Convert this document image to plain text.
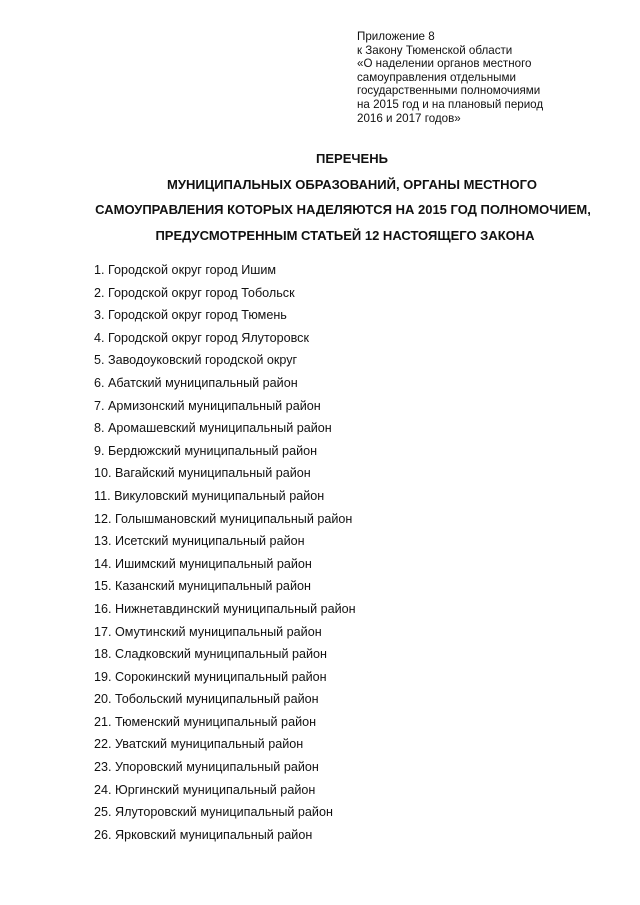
Приложение 8
к Закону Тюменской области
«О наделении органов местного
самоуправления отдельными
государственными полномочиями
на 2015 год и на плановый период
2016 и 2017 годов»
ПЕРЕЧЕНЬ
МУНИЦИПАЛЬНЫХ ОБРАЗОВАНИЙ, ОРГАНЫ МЕСТНОГО
САМОУПРАВЛЕНИЯ КОТОРЫХ НАДЕЛЯЮТСЯ НА 2015 ГОД ПОЛНОМОЧИЕМ,
ПРЕДУСМОТРЕННЫМ СТАТЬЕЙ 12 НАСТОЯЩЕГО ЗАКОНА
1. Городской округ город Ишим
2. Городской округ город Тобольск
3. Городской округ город Тюмень
4. Городской округ город Ялуторовск
5. Заводоуковский городской округ
6. Абатский муниципальный район
7. Армизонский муниципальный район
8. Аромашевский муниципальный район
9. Бердюжский муниципальный район
10. Вагайский муниципальный район
11. Викуловский муниципальный район
12. Голышмановский муниципальный район
13. Исетский муниципальный район
14. Ишимский муниципальный район
15. Казанский муниципальный район
16. Нижнетавдинский муниципальный район
17. Омутинский муниципальный район
18. Сладковский муниципальный район
19. Сорокинский муниципальный район
20. Тобольский муниципальный район
21. Тюменский муниципальный район
22. Уватский муниципальный район
23. Упоровский муниципальный район
24. Юргинский муниципальный район
25. Ялуторовский муниципальный район
26. Ярковский муниципальный район
